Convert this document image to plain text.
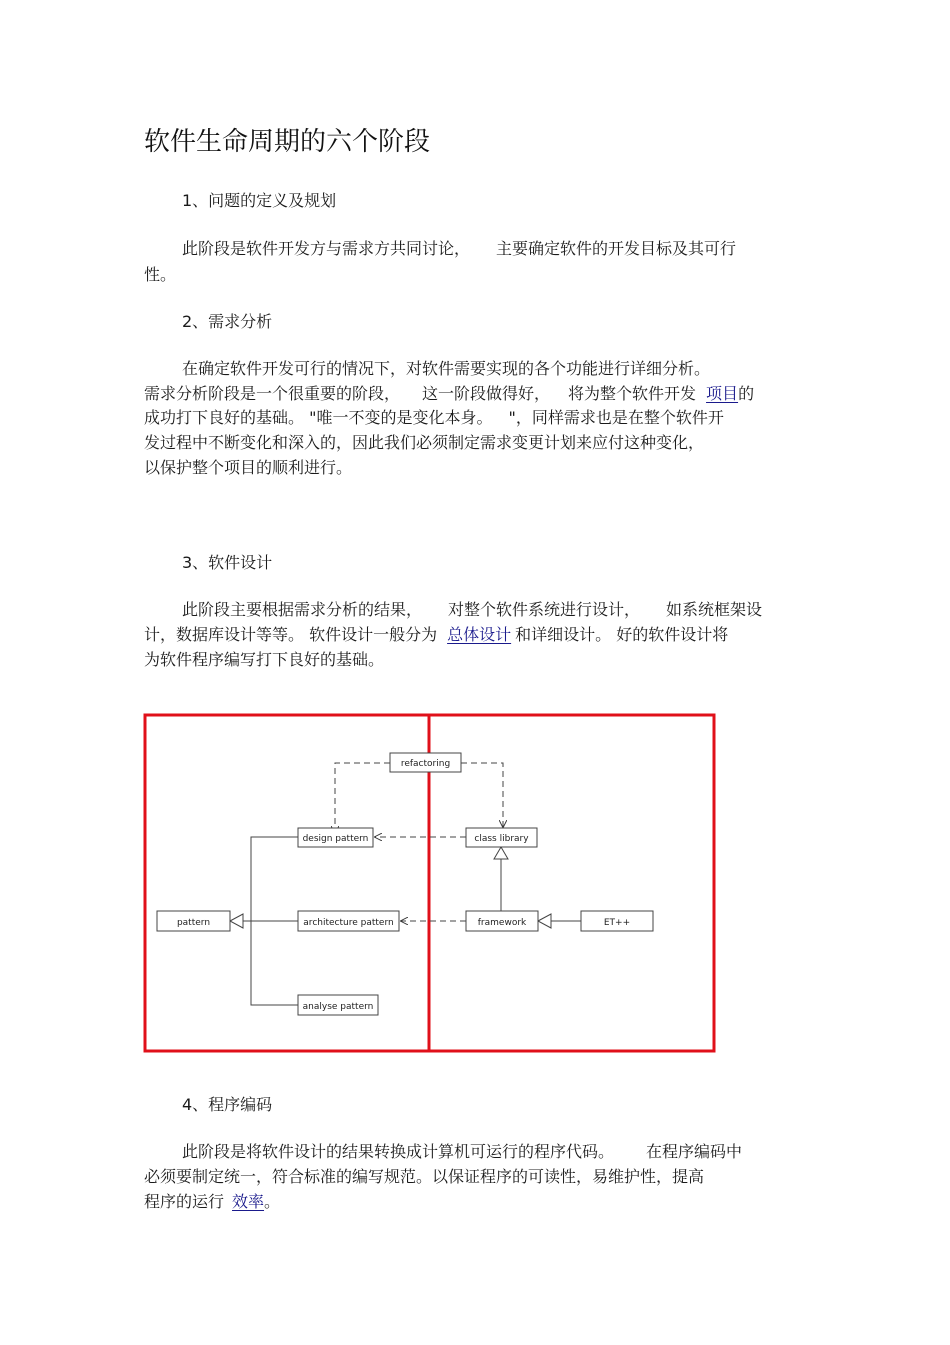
软件生命周期的六个阶段
1、问题的定义及规划
此阶段是软件开发方与需求方共同讨论， 主要确定软件的开发目标及其可行
性。
2、需求分析
在确定软件开发可行的情况下，对软件需要实现的各个功能进行详细分析。
需求分析阶段是一个很重要的阶段， 这一阶段做得好， 将为整个软件开发 项目的
成功打下良好的基础。 "唯一不变的是变化本身。 "，同样需求也是在整个软件开
发过程中不断变化和深入的，因此我们必须制定需求变更计划来应付这种变化，
以保护整个项目的顺利进行。
3、软件设计
此阶段主要根据需求分析的结果， 对整个软件系统进行设计， 如系统框架设
计，数据库设计等等。 软件设计一般分为 总体设计 和详细设计。 好的软件设计将
为软件程序编写打下良好的基础。
refactoring
design pattern	class library
pattern	architecture pattern	framework	ET++
analyse pattern
4、程序编码
此阶段是将软件设计的结果转换成计算机可运行的程序代码。 在程序编码中
必须要制定统一，符合标准的编写规范。以保证程序的可读性，易维护性，提高
程序的运行 效率。
